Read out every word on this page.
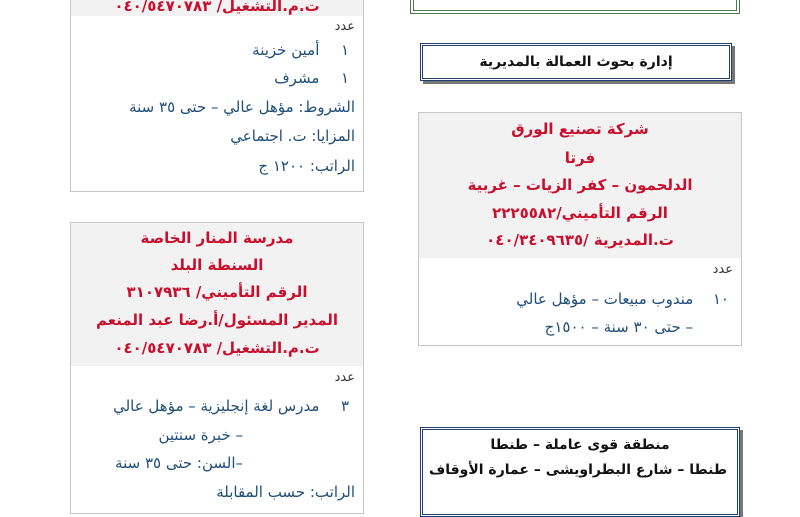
ت.م.التشغيل/ ٠٤٠/٥٤٧٠٧٨٣
عدد
١  أمين خزينة
١  مشرف
الشروط: مؤهل عالي – حتى ٣٥ سنة
المزايا: ت. اجتماعي
الراتب: ١٢٠٠ ج
مدرسة المنار الخاصة
السنطة البلد
الرقم التأميني/ ٣١٠٧٩٣٦
المدير المسئول/أ.رضا عبد المنعم
ت.م.التشغيل/ ٠٤٠/٥٤٧٠٧٨٣
عدد
٣  مدرس لغة إنجليزية – مؤهل عالي
– خبرة سنتين
–السن: حتى ٣٥ سنة
الراتب: حسب المقابلة
إدارة بحوث العمالة بالمديرية
شركة تصنيع الورق
فرتا
الدلحمون – كفر الزيات – غربية
الرقم التأميني/٢٢٢٥٥٨٢
ت.المديرية /٠٤٠/٣٤٠٩٦٣٥
عدد
١٠  مندوب مبيعات – مؤهل عالي
– حتى ٣٠ سنة – ١٥٠٠ج
منطقة قوى عاملة – طنطا
طنطا – شارع البطراويشى – عمارة الأوقاف
